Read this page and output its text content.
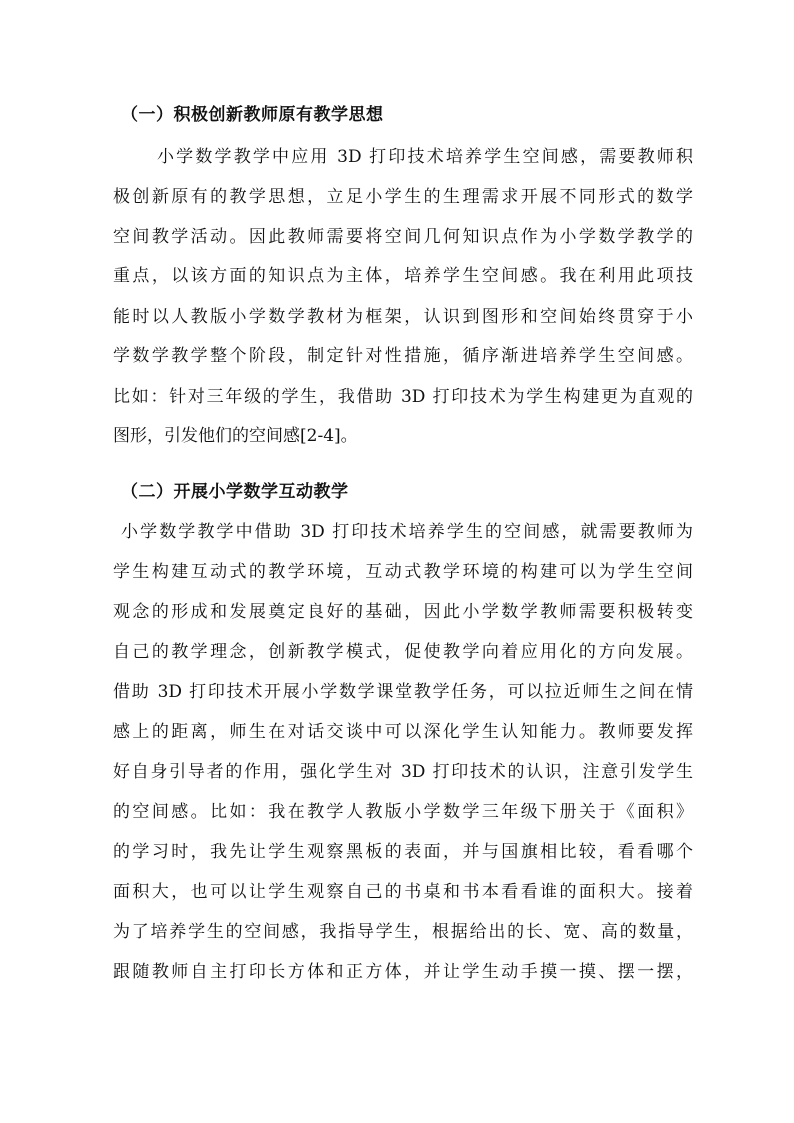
（一）积极创新教师原有教学思想
小学数学教学中应用 3D 打印技术培养学生空间感，需要教师积
极创新原有的教学思想，立足小学生的生理需求开展不同形式的数学
空间教学活动。因此教师需要将空间几何知识点作为小学数学教学的
重点，以该方面的知识点为主体，培养学生空间感。我在利用此项技
能时以人教版小学数学教材为框架，认识到图形和空间始终贯穿于小
学数学教学整个阶段，制定针对性措施，循序渐进培养学生空间感。
比如：针对三年级的学生，我借助 3D 打印技术为学生构建更为直观的
图形，引发他们的空间感[2-4]。
（二）开展小学数学互动教学
小学数学教学中借助 3D 打印技术培养学生的空间感，就需要教师为
学生构建互动式的教学环境，互动式教学环境的构建可以为学生空间
观念的形成和发展奠定良好的基础，因此小学数学教师需要积极转变
自己的教学理念，创新教学模式，促使教学向着应用化的方向发展。
借助 3D 打印技术开展小学数学课堂教学任务，可以拉近师生之间在情
感上的距离，师生在对话交谈中可以深化学生认知能力。教师要发挥
好自身引导者的作用，强化学生对 3D 打印技术的认识，注意引发学生
的空间感。比如：我在教学人教版小学数学三年级下册关于《面积》
的学习时，我先让学生观察黑板的表面，并与国旗相比较，看看哪个
面积大，也可以让学生观察自己的书桌和书本看看谁的面积大。接着
为了培养学生的空间感，我指导学生，根据给出的长、宽、高的数量，
跟随教师自主打印长方体和正方体，并让学生动手摸一摸、摆一摆，
